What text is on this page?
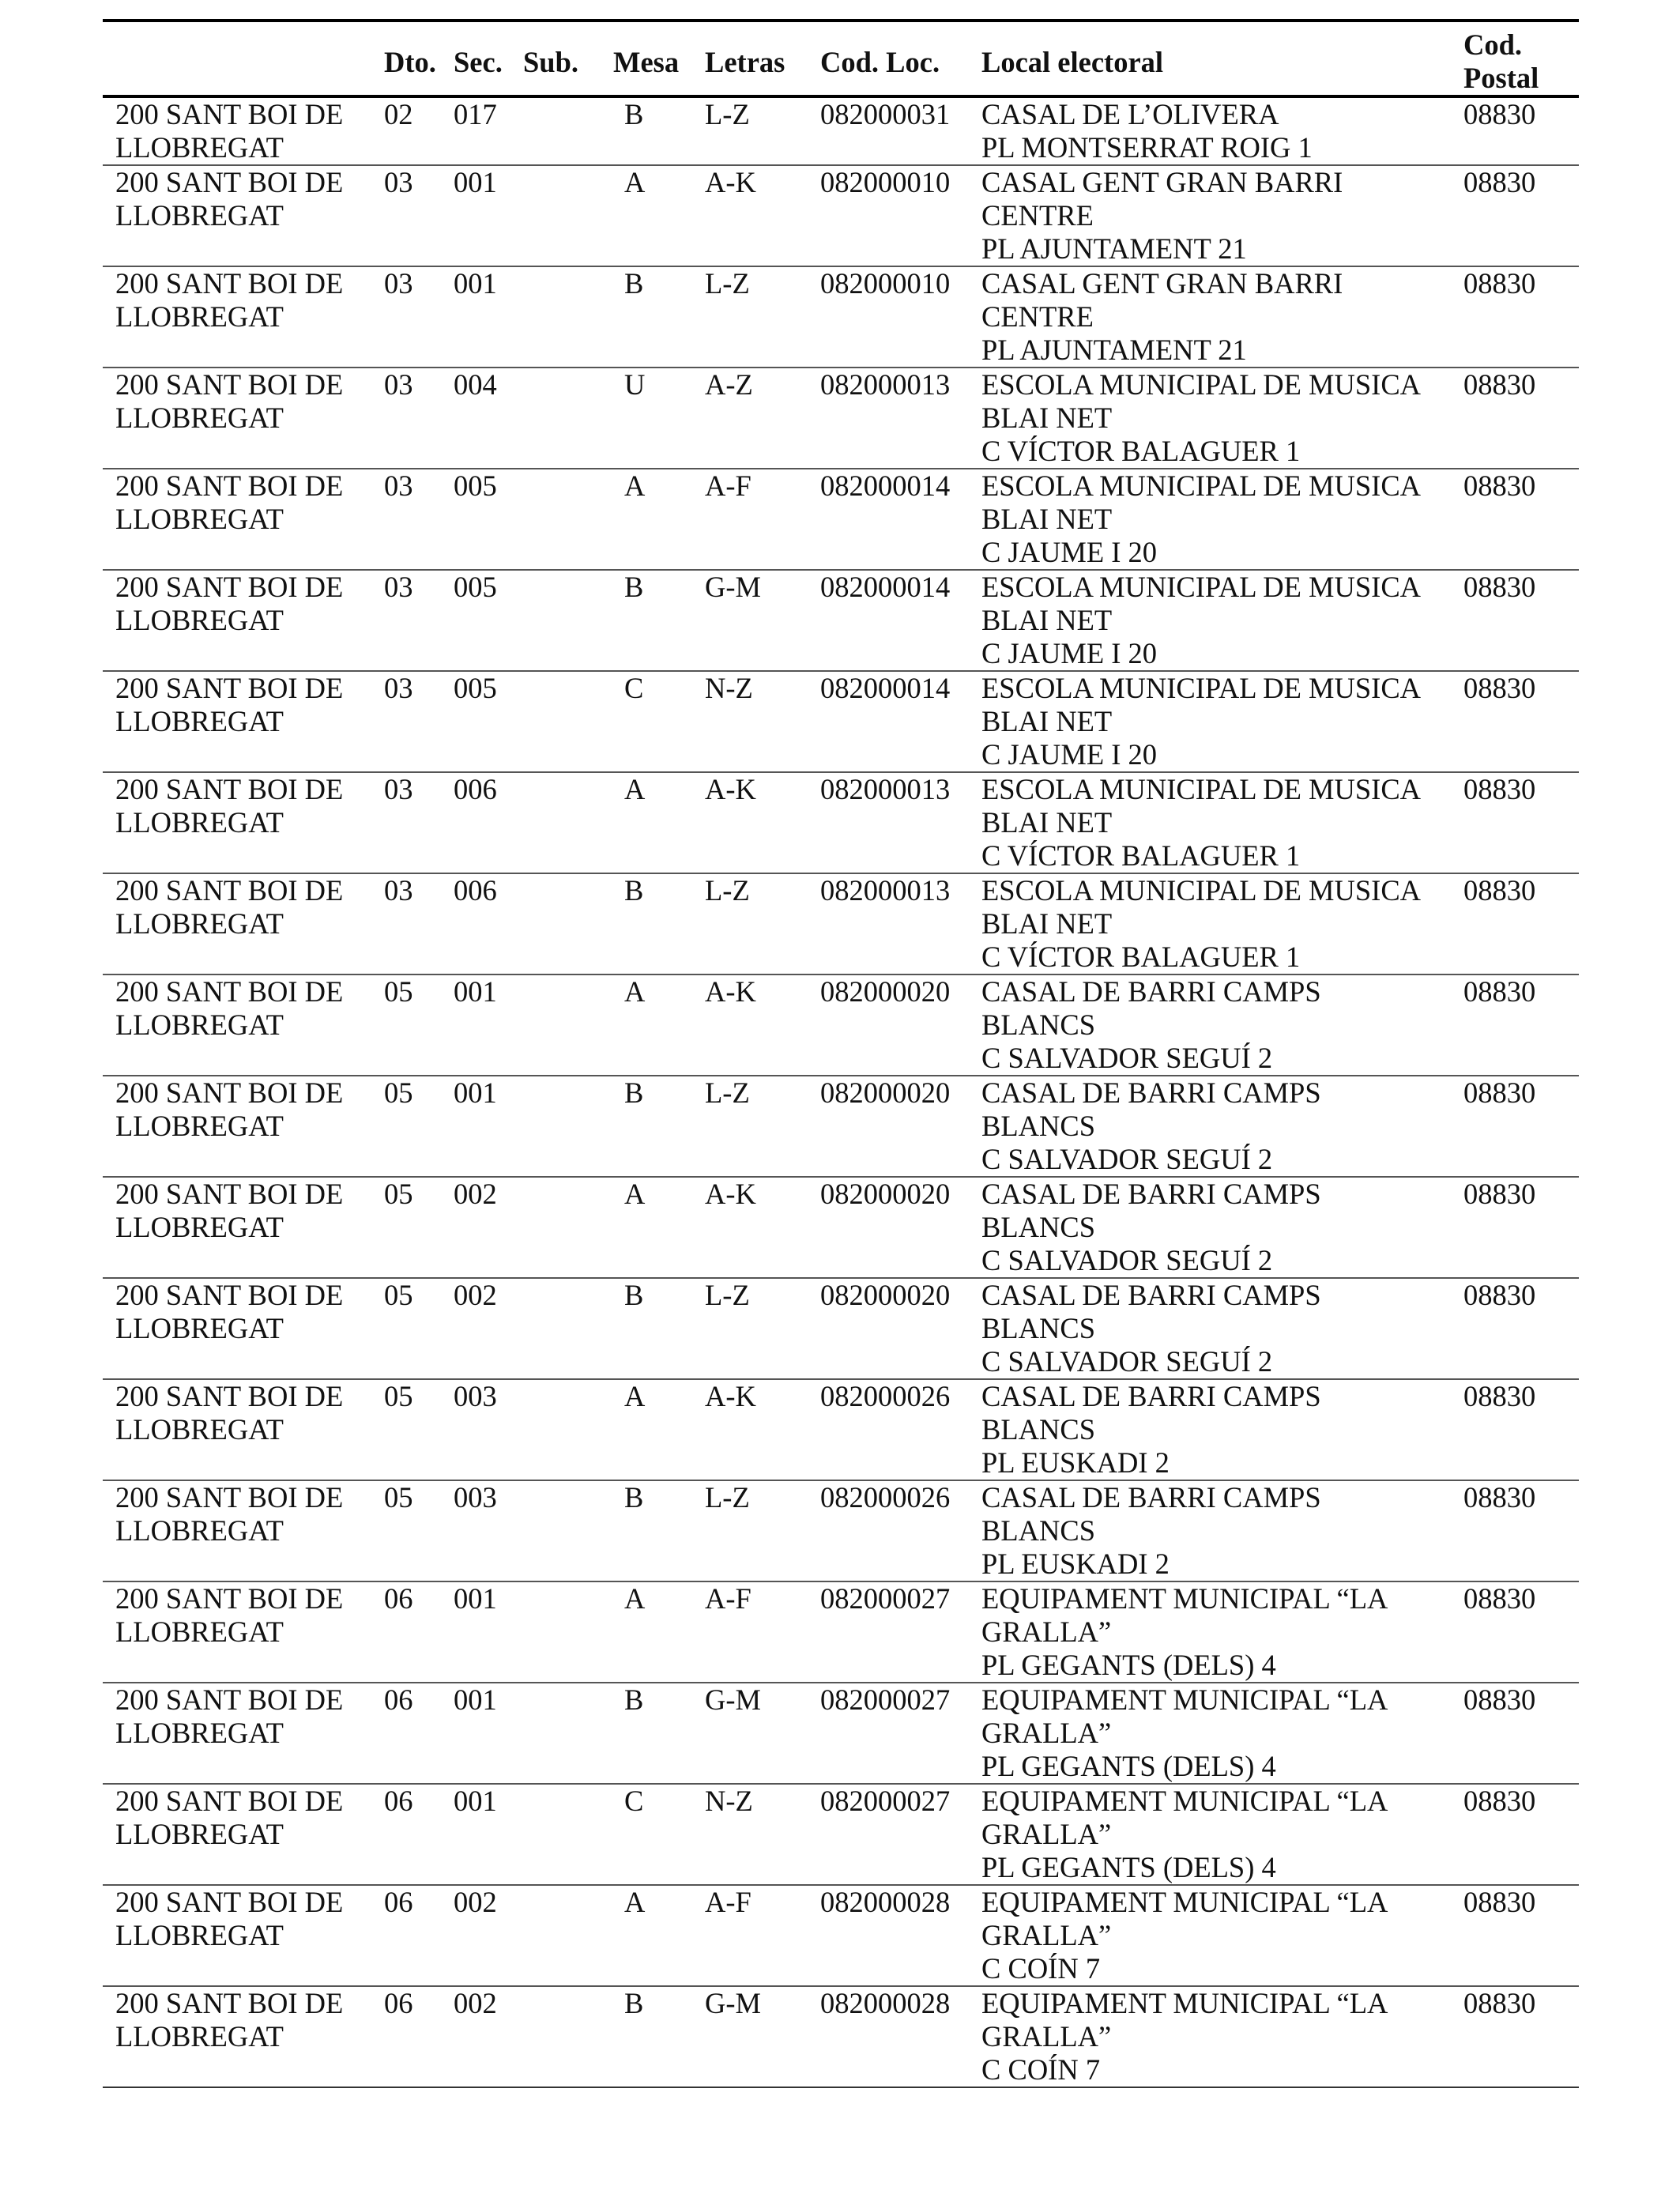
	Dto.	Sec.	Sub.	Mesa	Letras	Cod. Loc.	Local electoral	Cod.
Postal

200 SANT BOI DE
LLOBREGAT	02	017		B	L-Z	082000031	CASAL DE L’OLIVERA
PL MONTSERRAT ROIG 1	08830

200 SANT BOI DE
LLOBREGAT	03	001		A	A-K	082000010	CASAL GENT GRAN BARRI
CENTRE
PL AJUNTAMENT 21	08830

200 SANT BOI DE
LLOBREGAT	03	001		B	L-Z	082000010	CASAL GENT GRAN BARRI
CENTRE
PL AJUNTAMENT 21	08830

200 SANT BOI DE
LLOBREGAT	03	004		U	A-Z	082000013	ESCOLA MUNICIPAL DE MUSICA
BLAI NET
C VÍCTOR BALAGUER 1	08830

200 SANT BOI DE
LLOBREGAT	03	005		A	A-F	082000014	ESCOLA MUNICIPAL DE MUSICA
BLAI NET
C JAUME I 20	08830

200 SANT BOI DE
LLOBREGAT	03	005		B	G-M	082000014	ESCOLA MUNICIPAL DE MUSICA
BLAI NET
C JAUME I 20	08830

200 SANT BOI DE
LLOBREGAT	03	005		C	N-Z	082000014	ESCOLA MUNICIPAL DE MUSICA
BLAI NET
C JAUME I 20	08830

200 SANT BOI DE
LLOBREGAT	03	006		A	A-K	082000013	ESCOLA MUNICIPAL DE MUSICA
BLAI NET
C VÍCTOR BALAGUER 1	08830

200 SANT BOI DE
LLOBREGAT	03	006		B	L-Z	082000013	ESCOLA MUNICIPAL DE MUSICA
BLAI NET
C VÍCTOR BALAGUER 1	08830

200 SANT BOI DE
LLOBREGAT	05	001		A	A-K	082000020	CASAL DE BARRI CAMPS
BLANCS
C SALVADOR SEGUÍ 2	08830

200 SANT BOI DE
LLOBREGAT	05	001		B	L-Z	082000020	CASAL DE BARRI CAMPS
BLANCS
C SALVADOR SEGUÍ 2	08830

200 SANT BOI DE
LLOBREGAT	05	002		A	A-K	082000020	CASAL DE BARRI CAMPS
BLANCS
C SALVADOR SEGUÍ 2	08830

200 SANT BOI DE
LLOBREGAT	05	002		B	L-Z	082000020	CASAL DE BARRI CAMPS
BLANCS
C SALVADOR SEGUÍ 2	08830

200 SANT BOI DE
LLOBREGAT	05	003		A	A-K	082000026	CASAL DE BARRI CAMPS
BLANCS
PL EUSKADI 2	08830

200 SANT BOI DE
LLOBREGAT	05	003		B	L-Z	082000026	CASAL DE BARRI CAMPS
BLANCS
PL EUSKADI 2	08830

200 SANT BOI DE
LLOBREGAT	06	001		A	A-F	082000027	EQUIPAMENT MUNICIPAL “LA
GRALLA”
PL GEGANTS (DELS) 4	08830

200 SANT BOI DE
LLOBREGAT	06	001		B	G-M	082000027	EQUIPAMENT MUNICIPAL “LA
GRALLA”
PL GEGANTS (DELS) 4	08830

200 SANT BOI DE
LLOBREGAT	06	001		C	N-Z	082000027	EQUIPAMENT MUNICIPAL “LA
GRALLA”
PL GEGANTS (DELS) 4	08830

200 SANT BOI DE
LLOBREGAT	06	002		A	A-F	082000028	EQUIPAMENT MUNICIPAL “LA
GRALLA”
C COÍN 7	08830

200 SANT BOI DE
LLOBREGAT	06	002		B	G-M	082000028	EQUIPAMENT MUNICIPAL “LA
GRALLA”
C COÍN 7	08830
